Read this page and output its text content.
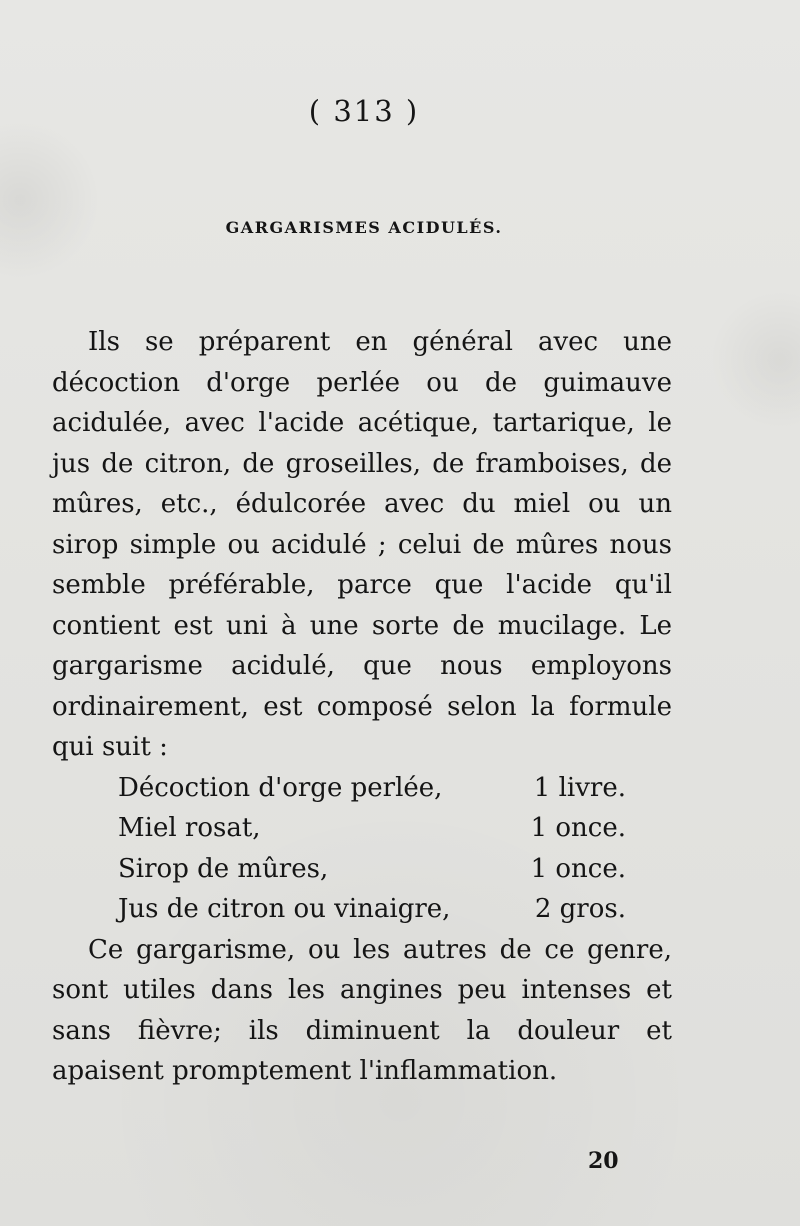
( 313 )
GARGARISMES ACIDULÉS.

Ils se préparent en général avec une décoction d'orge perlée ou de guimauve acidulée, avec l'acide acétique, tartarique, le jus de citron, de groseilles, de framboises, de mûres, etc., édulcorée avec du miel ou un sirop simple ou acidulé ; celui de mûres nous semble préférable, parce que l'acide qu'il contient est uni à une sorte de mucilage. Le gargarisme acidulé, que nous employons ordinairement, est composé selon la formule qui suit :

Décoction d'orge perlée,	1 livre.
Miel rosat,	1 once.
Sirop de mûres,	1 once.
Jus de citron ou vinaigre,	2 gros.

Ce gargarisme, ou les autres de ce genre, sont utiles dans les angines peu intenses et sans fièvre; ils diminuent la douleur et apaisent promptement l'inflammation.

20
